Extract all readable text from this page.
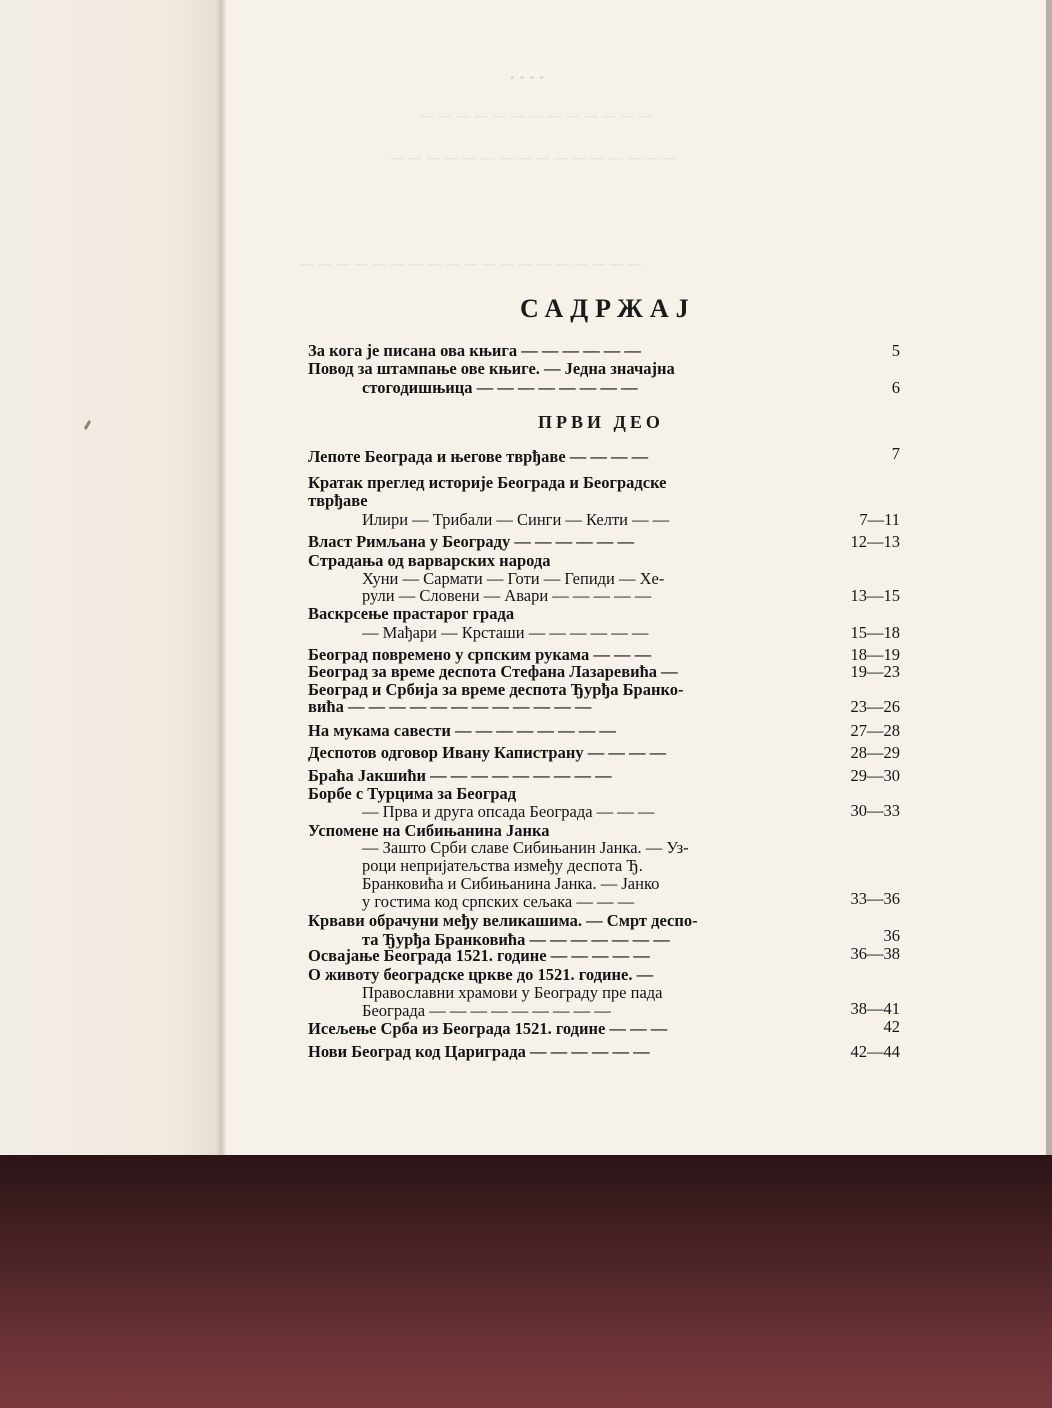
• • • •
— — — — — — — — — — — — —
— — — — — — — — — — — — — — — —
— — — — — — — — — — — — — — — — — — —
САДРЖАЈ
ПРВИ ДЕО
За кога је писана ова књига — — — — — —	5
Повод за штампање ове књиге. — Једна значајна
стогодишњица — — — — — — — —	6
Лепоте Београда и његове тврђаве — — — —	7
Кратак преглед историје Београда и Београдске
тврђаве
Илири — Трибали — Синги — Келти — —	7—11
Власт Римљана у Београду — — — — — —	12—13
Страдања од варварских народа
Хуни — Сармати — Готи — Гепиди — Хе-
рули — Словени — Авари — — — — —	13—15
Васкрсење прастарог града
— Мађари — Крсташи — — — — — —	15—18
Београд повремено у српским рукама — — —	18—19
Београд за време деспота Стефана Лазаревића —	19—23
Београд и Србија за време деспота Ђурђа Бранко-
вића — — — — — — — — — — — —	23—26
На мукама савести — — — — — — — —	27—28
Деспотов одговор Ивану Капистрану — — — —	28—29
Браћа Јакшићи — — — — — — — — —	29—30
Борбе с Турцима за Београд
— Прва и друга опсада Београда — — —	30—33
Успомене на Сибињанина Јанка
— Зашто Срби славе Сибињанин Јанка. — Уз-
роци непријатељства између деспота Ђ.
Бранковића и Сибињанина Јанка. — Јанко
у гостима код српских сељака — — —	33—36
Крвави обрачуни међу великашима. — Смрт деспо-
та Ђурђа Бранковића — — — — — — —	36
Освајање Београда 1521. године — — — — —	36—38
О животу београдске цркве до 1521. године. —
Православни храмови у Београду пре пада
Београда — — — — — — — — —	38—41
Исељење Срба из Београда 1521. године — — —	42
Нови Београд код Цариграда — — — — — —	42—44
